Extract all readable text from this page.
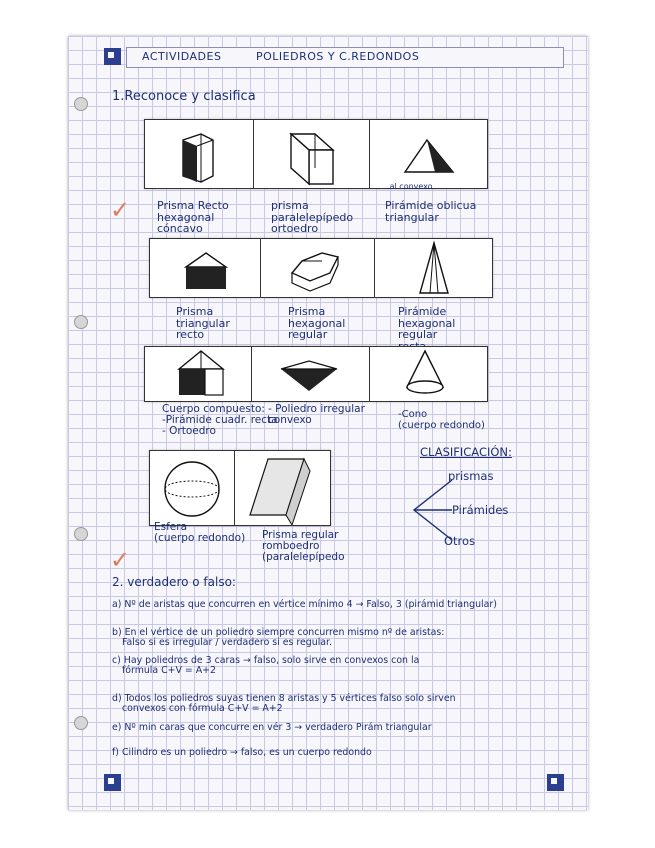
ACTIVIDADES	POLIEDROS Y C.REDONDOS
1.Reconoce y clasifica
...al convexo
✓ Prisma Recto
hexagonal
cóncavo
prisma
paralelepípedo
ortoedro
Pirámide oblicua
triangular
Prisma
triangular
recto
Prisma
hexagonal
regular
Pirámide
hexagonal
regular
Cuerpo compuesto:
-Pirámide cuadr. recta
- Ortoedro
- Poliedro irregular
convexo	-Cono
(cuerpo redondo)
CLASIFICACIÓN:
prismas
Pirámides
Otros
Esfera
(cuerpo redondo) Prisma regular
romboedro
(paralelepípedo
✓
2. verdadero o falso:
a) Nº de aristas que concurren en vértice mínimo 4 → Falso, 3 (pirámid triangular)
b) En el vértice de un poliedro siempre concurren mismo nº de aristas:
Falso si es irregular / verdadero si es regular.
c) Hay poliedros de 3 caras → falso, solo sirve en convexos con la
fórmula C+V = A+2
d) Todos los poliedros suyas tienen 8 aristas y 5 vértices falso solo sirven
convexos con fórmula C+V = A+2
e) Nº min caras que concurre en vér 3 → verdadero Pirám triangular
f) Cilindro es un poliedro → falso, es un cuerpo redondo
